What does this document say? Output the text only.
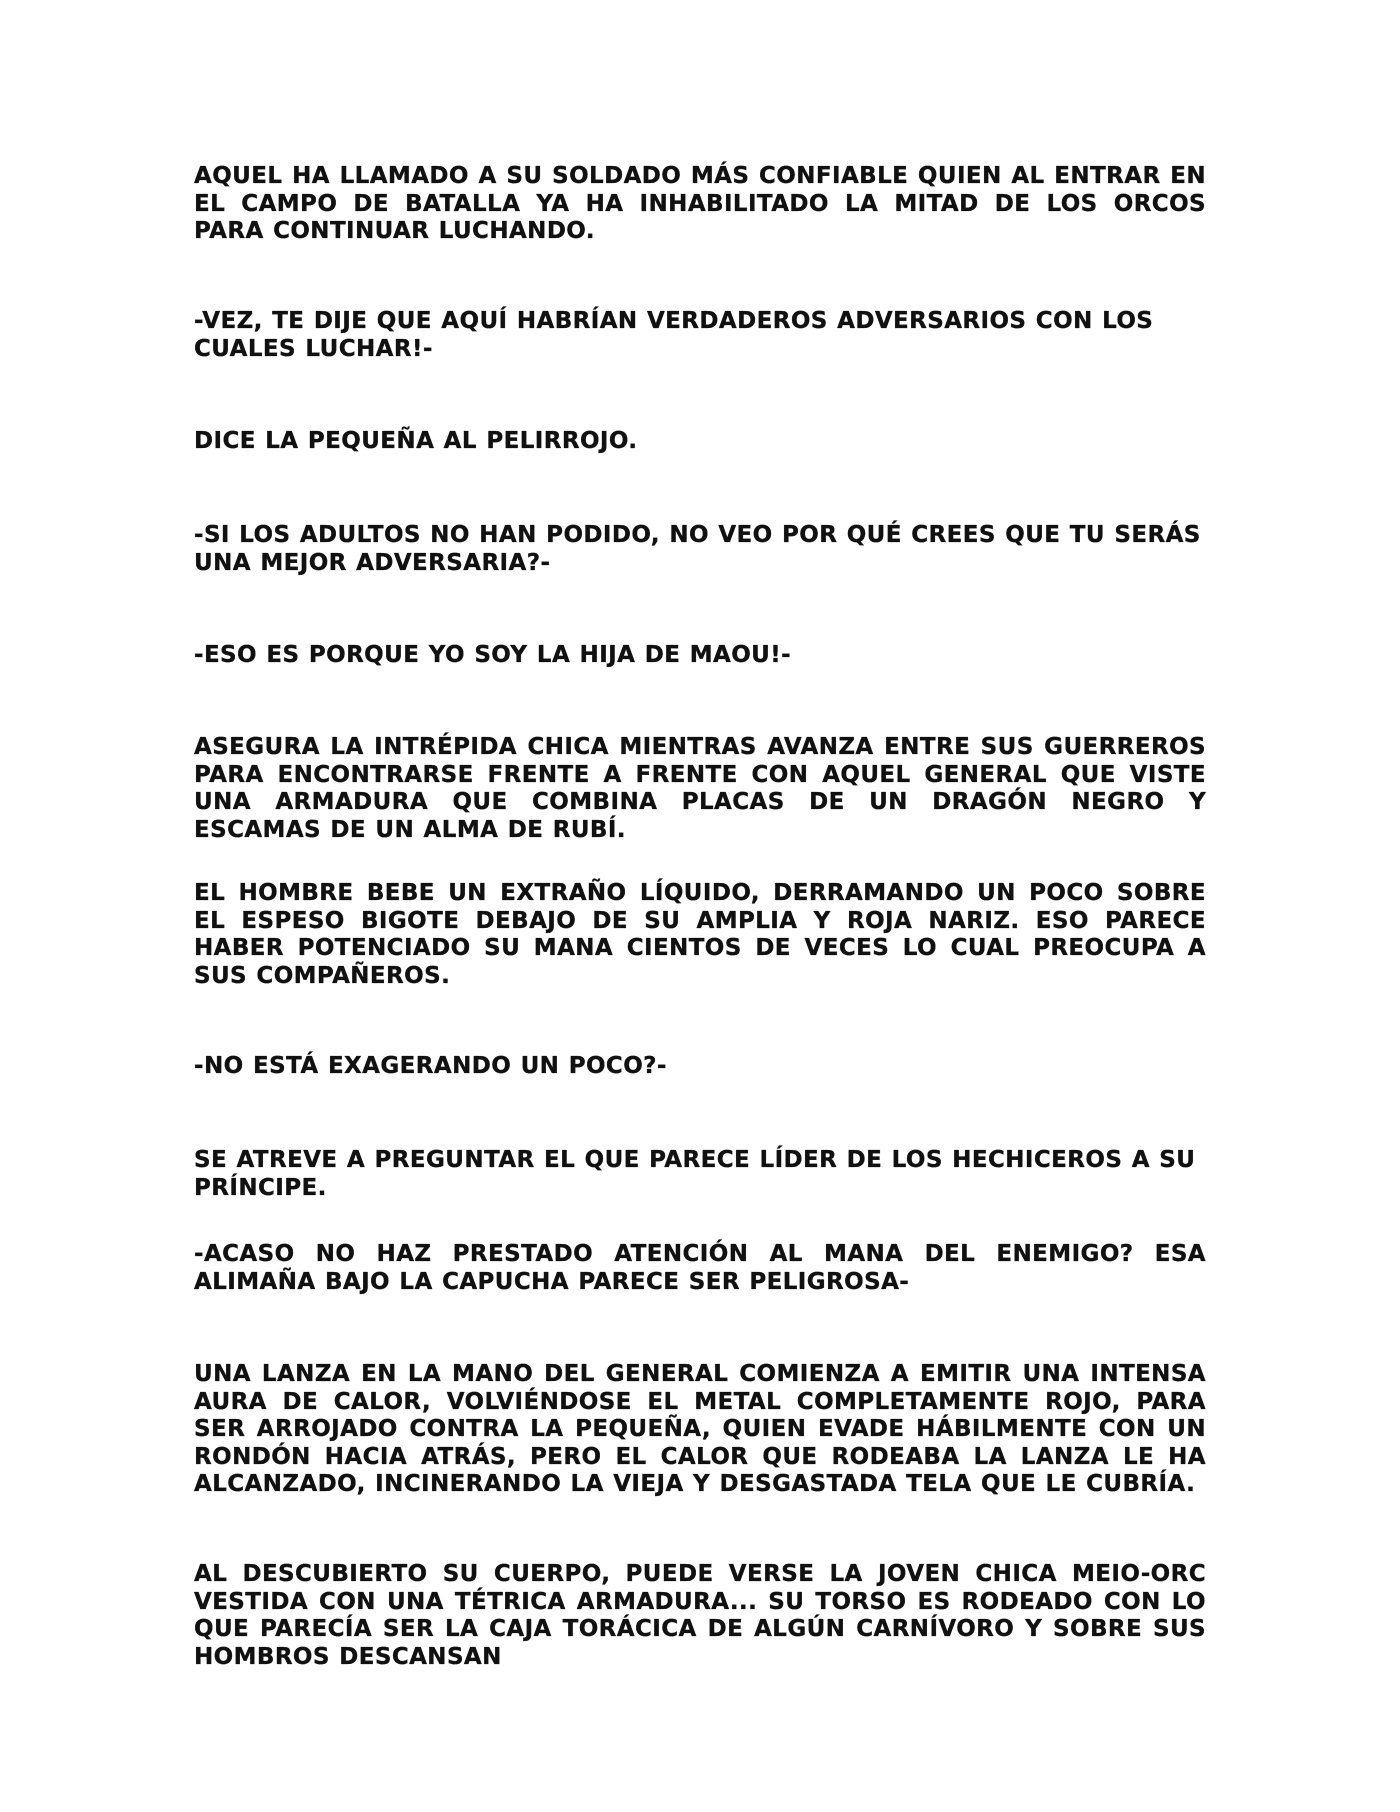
AQUEL HA LLAMADO A SU SOLDADO MÁS CONFIABLE QUIEN AL ENTRAR EN EL CAMPO DE BATALLA YA HA INHABILITADO LA MITAD DE LOS ORCOS PARA CONTINUAR LUCHANDO.

-VEZ, TE DIJE QUE AQUÍ HABRÍAN VERDADEROS ADVERSARIOS CON LOS CUALES LUCHAR!-

DICE LA PEQUEÑA AL PELIRROJO.

-SI LOS ADULTOS NO HAN PODIDO, NO VEO POR QUÉ CREES QUE TU SERÁS UNA MEJOR ADVERSARIA?-

-ESO ES PORQUE YO SOY LA HIJA DE MAOU!-

ASEGURA LA INTRÉPIDA CHICA MIENTRAS AVANZA ENTRE SUS GUERREROS PARA ENCONTRARSE FRENTE A FRENTE CON AQUEL GENERAL QUE VISTE UNA ARMADURA QUE COMBINA PLACAS DE UN DRAGÓN NEGRO Y ESCAMAS DE UN ALMA DE RUBÍ.

EL HOMBRE BEBE UN EXTRAÑO LÍQUIDO, DERRAMANDO UN POCO SOBRE EL ESPESO BIGOTE DEBAJO DE SU AMPLIA Y ROJA NARIZ. ESO PARECE HABER POTENCIADO SU MANA CIENTOS DE VECES LO CUAL PREOCUPA A SUS COMPAÑEROS.

-NO ESTÁ EXAGERANDO UN POCO?-

SE ATREVE A PREGUNTAR EL QUE PARECE LÍDER DE LOS HECHICEROS A SU PRÍNCIPE.

-ACASO NO HAZ PRESTADO ATENCIÓN AL MANA DEL ENEMIGO? ESA ALIMAÑA BAJO LA CAPUCHA PARECE SER PELIGROSA-

UNA LANZA EN LA MANO DEL GENERAL COMIENZA A EMITIR UNA INTENSA AURA DE CALOR, VOLVIÉNDOSE EL METAL COMPLETAMENTE ROJO, PARA SER ARROJADO CONTRA LA PEQUEÑA, QUIEN EVADE HÁBILMENTE CON UN RONDÓN HACIA ATRÁS, PERO EL CALOR QUE RODEABA LA LANZA LE HA ALCANZADO, INCINERANDO LA VIEJA Y DESGASTADA TELA QUE LE CUBRÍA.

AL DESCUBIERTO SU CUERPO, PUEDE VERSE LA JOVEN CHICA MEIO-ORC VESTIDA CON UNA TÉTRICA ARMADURA... SU TORSO ES RODEADO CON LO QUE PARECÍA SER LA CAJA TORÁCICA DE ALGÚN CARNÍVORO Y SOBRE SUS HOMBROS DESCANSAN
